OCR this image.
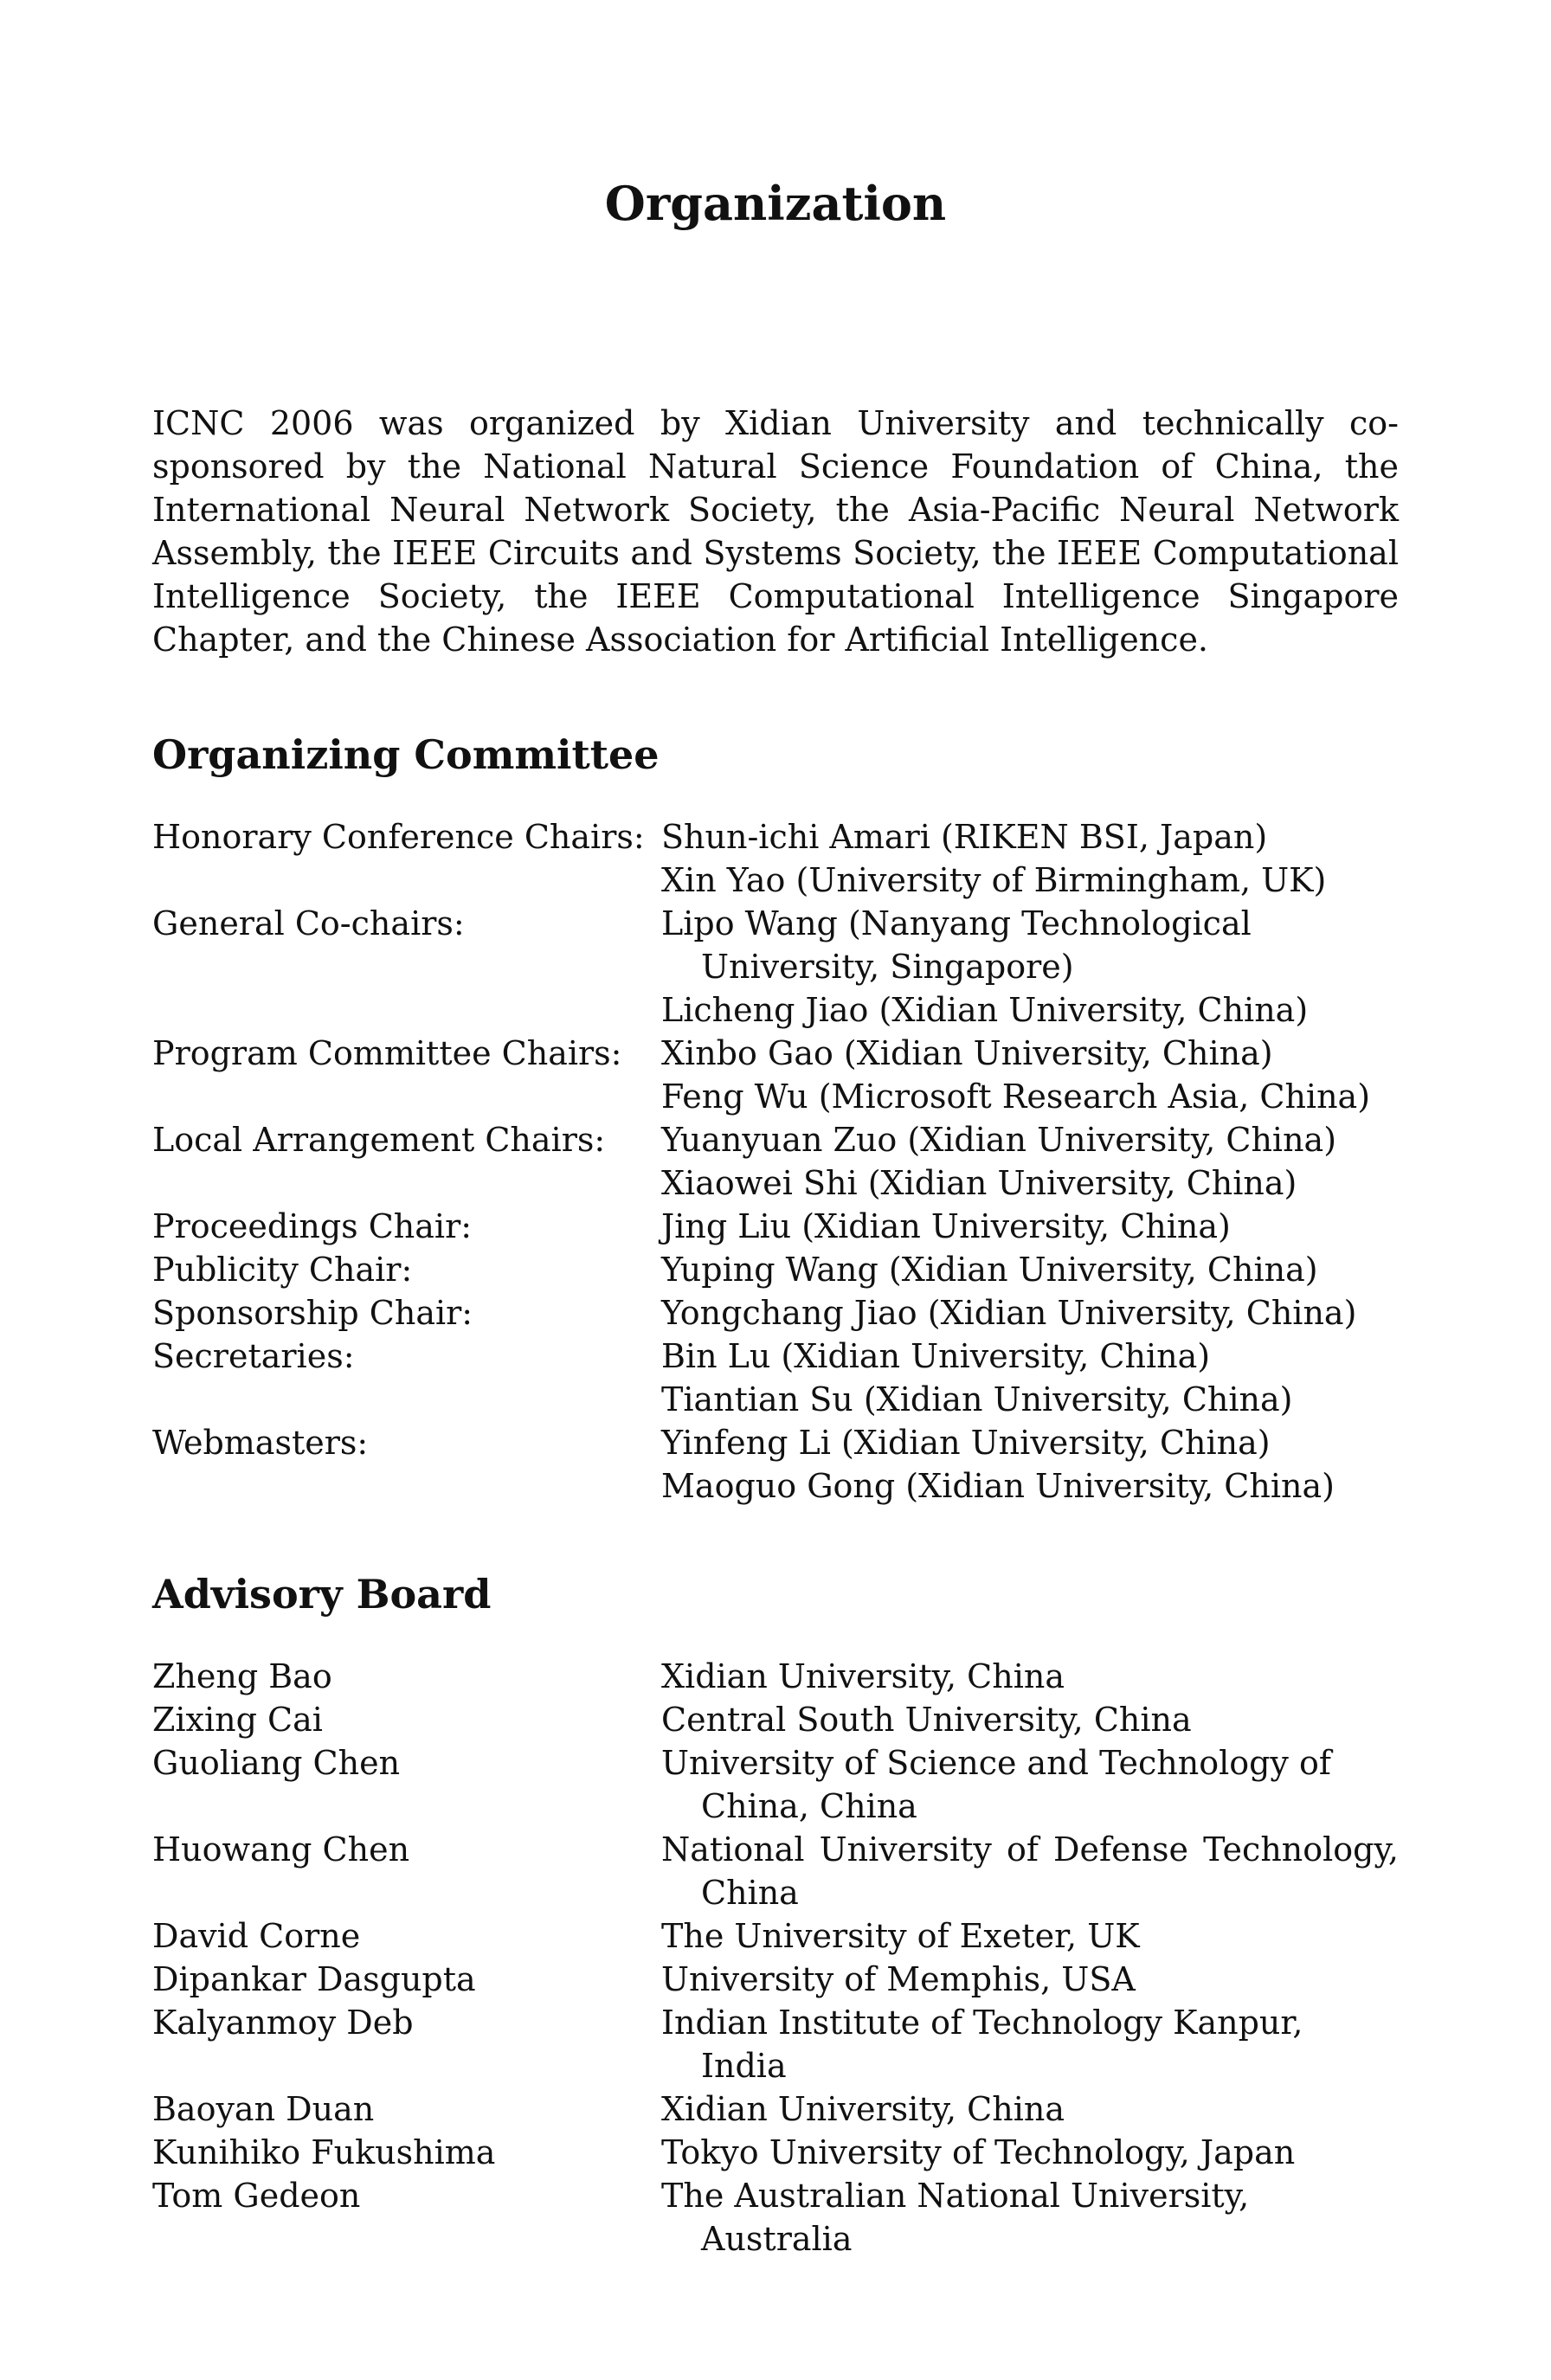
Organization

ICNC 2006 was organized by Xidian University and technically co-sponsored by the National Natural Science Foundation of China, the International Neural Network Society, the Asia-Pacific Neural Network Assembly, the IEEE Circuits and Systems Society, the IEEE Computational Intelligence Society, the IEEE Computational Intelligence Singapore Chapter, and the Chinese Association for Artificial Intelligence.

Organizing Committee
Honorary Conference Chairs: Shun-ichi Amari (RIKEN BSI, Japan)
Xin Yao (University of Birmingham, UK)
General Co-chairs:	Lipo Wang (Nanyang Technological University, Singapore)
Licheng Jiao (Xidian University, China)
Program Committee Chairs:	Xinbo Gao (Xidian University, China)
Feng Wu (Microsoft Research Asia, China)
Local Arrangement Chairs:	Yuanyuan Zuo (Xidian University, China)
Xiaowei Shi (Xidian University, China)
Proceedings Chair:	Jing Liu (Xidian University, China)
Publicity Chair:	Yuping Wang (Xidian University, China)
Sponsorship Chair:	Yongchang Jiao (Xidian University, China)
Secretaries:	Bin Lu (Xidian University, China)
Tiantian Su (Xidian University, China)
Webmasters:	Yinfeng Li (Xidian University, China)
Maoguo Gong (Xidian University, China)
Advisory Board
Zheng Bao	Xidian University, China
Zixing Cai	Central South University, China
Guoliang Chen	University of Science and Technology of China, China
Huowang Chen	National University of Defense Technology, China
David Corne	The University of Exeter, UK
Dipankar Dasgupta	University of Memphis, USA
Kalyanmoy Deb	Indian Institute of Technology Kanpur, India
Baoyan Duan	Xidian University, China
Kunihiko Fukushima	Tokyo University of Technology, Japan
Tom Gedeon	The Australian National University, Australia
